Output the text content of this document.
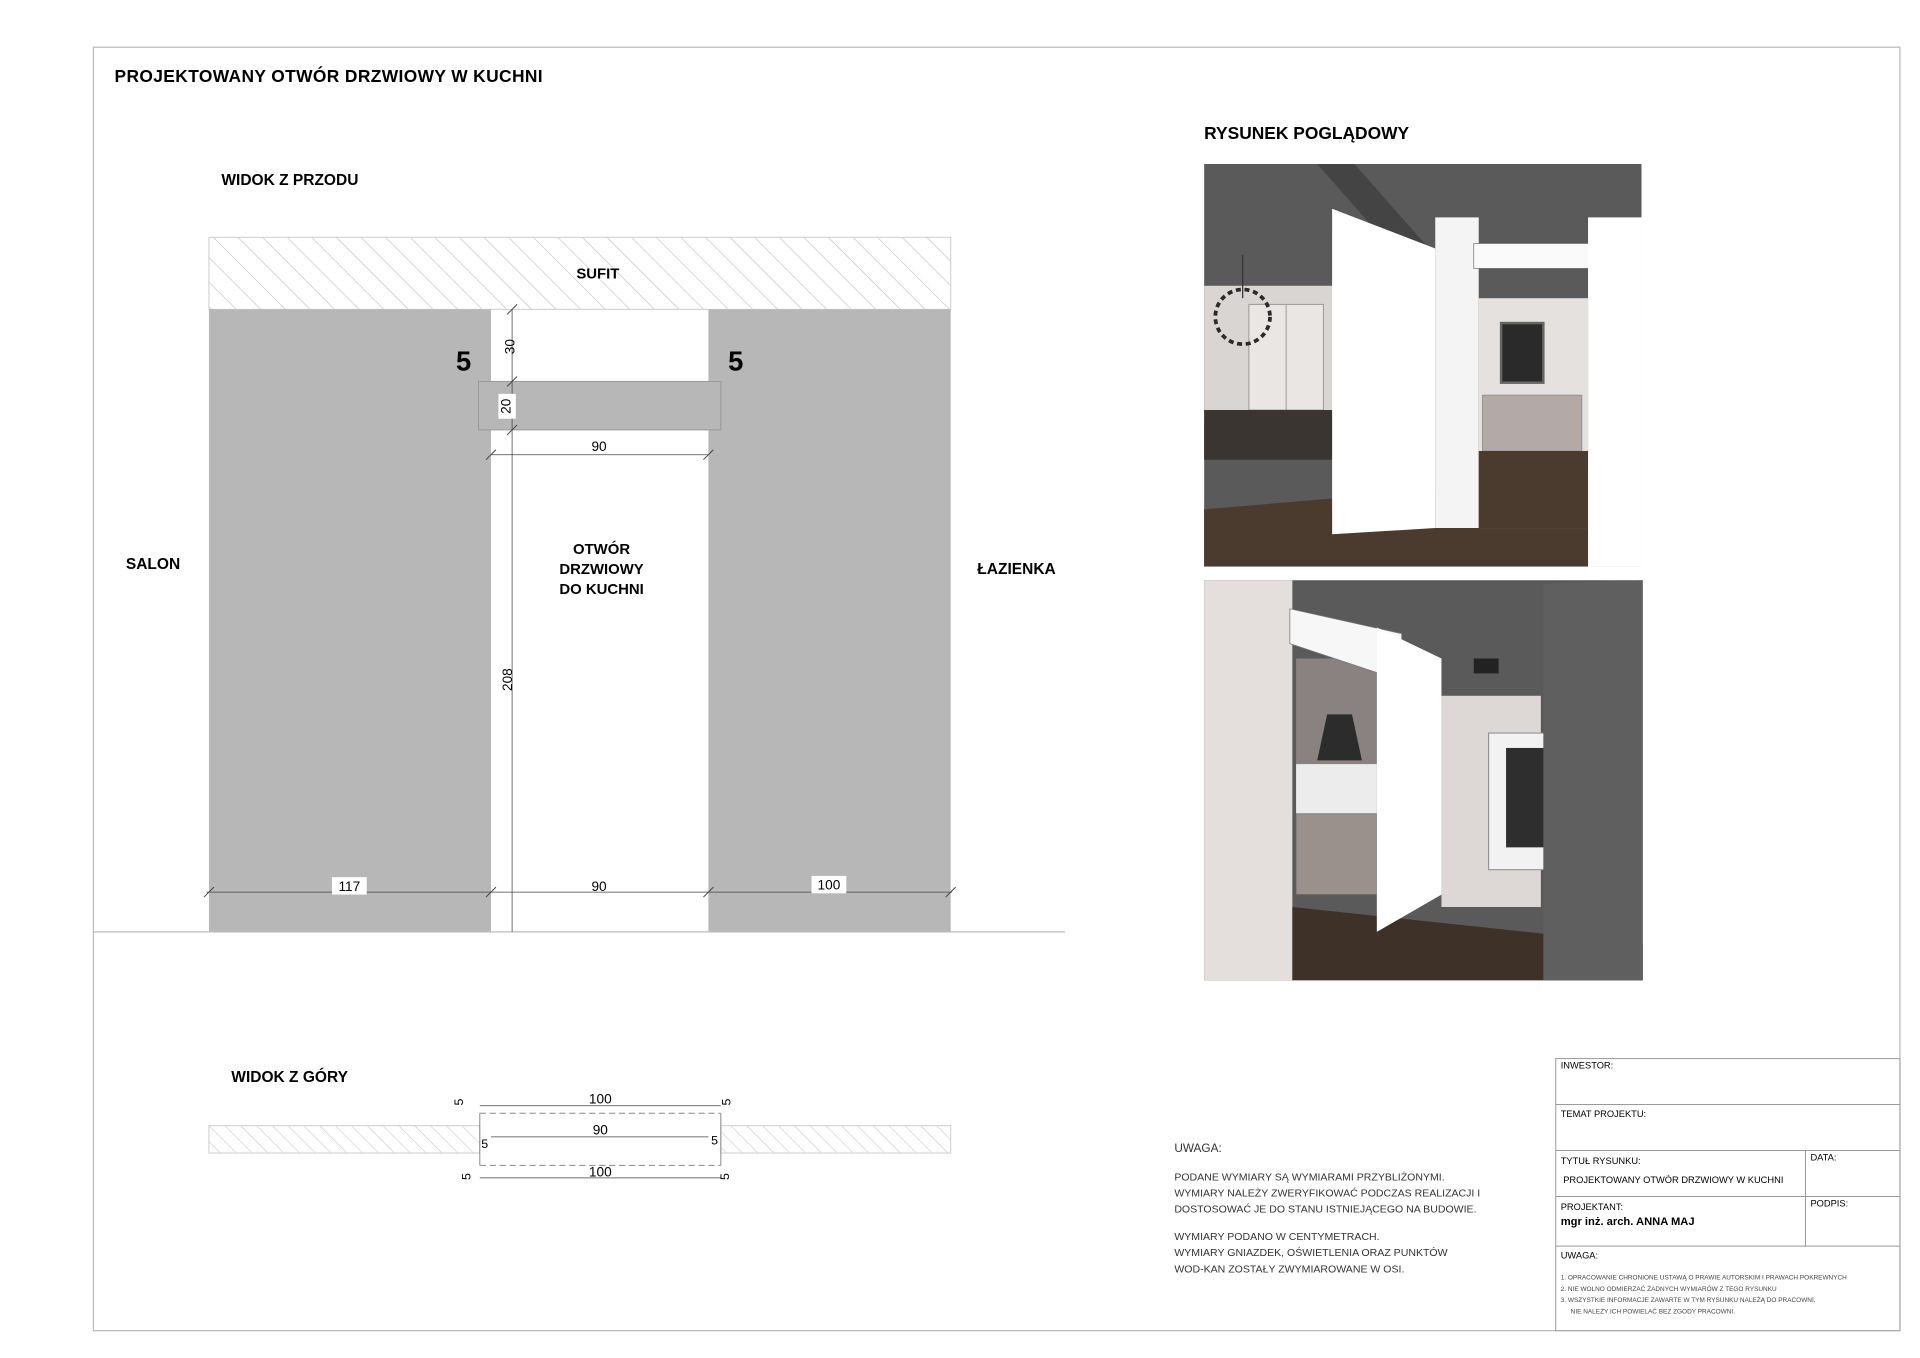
PROJEKTOWANY OTWÓR DRZWIOWY W KUCHNI
WIDOK Z PRZODU
SUFIT
30
20
208
90
5	5
OTWÓR
DRZWIOWY
DO KUCHNI
SALON	ŁAZIENKA
117	90	100
WIDOK Z GÓRY
100
90
100
5	5
5	5
5	5
RYSUNEK POGLĄDOWY
UWAGA:
PODANE WYMIARY SĄ WYMIARAMI PRZYBLIŻONYMI.
WYMIARY NALEŻY ZWERYFIKOWAĆ PODCZAS REALIZACJI I
DOSTOSOWAĆ JE DO STANU ISTNIEJĄCEGO NA BUDOWIE.
WYMIARY PODANO W CENTYMETRACH.
WYMIARY GNIAZDEK, OŚWIETLENIA ORAZ PUNKTÓW
WOD-KAN ZOSTAŁY ZWYMIAROWANE W OSI.
INWESTOR:
TEMAT PROJEKTU:
TYTUŁ RYSUNKU:
PROJEKTOWANY OTWÓR DRZWIOWY W KUCHNI
DATA:
PROJEKTANT:
mgr inż. arch. ANNA MAJ
PODPIS:
UWAGA:
1. OPRACOWANIE CHRONIONE USTAWĄ O PRAWIE AUTORSKIM I PRAWACH POKREWNYCH
2. NIE WOLNO ODMIERZAĆ ŻADNYCH WYMIARÓW Z TEGO RYSUNKU
3. WSZYSTKIE INFORMACJE ZAWARTE W TYM RYSUNKU NALEŻĄ DO PRACOWNI,
NIE NALEŻY ICH POWIELAĆ BEZ ZGODY PRACOWNI.
